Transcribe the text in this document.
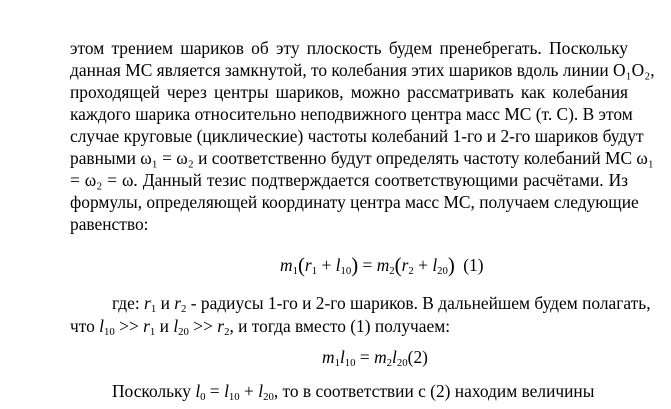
этом трением шариков об эту плоскость будем пренебрегать. Поскольку
данная МС является замкнутой, то колебания этих шариков вдоль линии O₁O₂,
проходящей через центры шариков, можно рассматривать как колебания
каждого шарика относительно неподвижного центра масс МС (т. С). В этом
случае круговые (циклические) частоты колебаний 1-го и 2-го шариков будут
равными ω₁ = ω₂ и соответственно будут определять частоту колебаний МС ω₁
= ω₂ = ω. Данный тезис подтверждается соответствующими расчётами. Из
формулы, определяющей координату центра масс МС, получаем следующие
равенство:
$m_1(r_1 + l_{10}) = m_2(r_2 + l_{20})$ (1)
где: $r_1$ и $r_2$ - радиусы 1-го и 2-го шариков. В дальнейшем будем полагать,
что $l_{10} >> r_1$ и $l_{20} >> r_2$, и тогда вместо (1) получаем:
$m_1l_{10} = m_2l_{20}(2)$
Поскольку $l_0 = l_{10} + l_{20}$, то в соответствии с (2) находим величины
